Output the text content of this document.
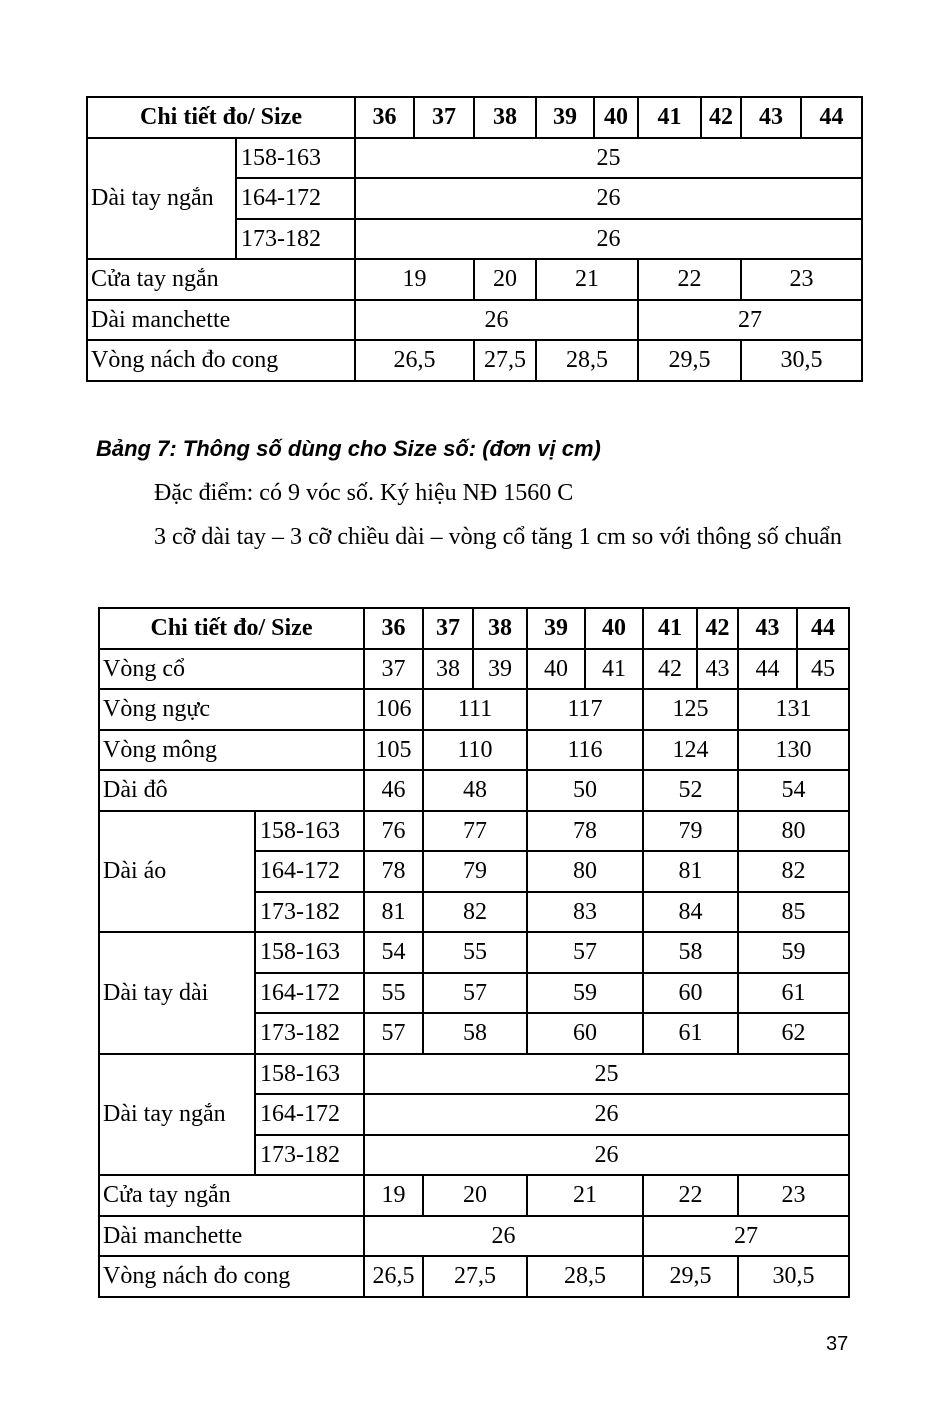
Chi tiết đo/ Size		36	37	38	39	40	41	42	43	44
Dài tay ngắn	158-163	25								
	164-172	26								
	173-182	26								
Cửa tay ngắn		19		20	21		22		23	
Dài manchette		26					27			
Vòng nách đo cong		26,5		27,5	28,5		29,5		30,5	
Bảng 7: Thông số dùng cho Size số: (đơn vị cm)
Đặc điểm: có 9 vóc số. Ký hiệu NĐ 1560 C
3 cỡ dài tay – 3 cỡ chiều dài – vòng cổ tăng 1 cm so với thông số chuẩn
Chi tiết đo/ Size		36	37	38	39	40	41	42	43	44
Vòng cổ		37	38	39	40	41	42	43	44	45
Vòng ngực		106	111		117		125		131	
Vòng mông		105	110		116		124		130	
Dài đô		46	48		50		52		54	
Dài áo	158-163	76	77		78		79		80	
	164-172	78	79		80		81		82	
	173-182	81	82		83		84		85	
Dài tay dài	158-163	54	55		57		58		59	
	164-172	55	57		59		60		61	
	173-182	57	58		60		61		62	
Dài tay ngắn	158-163	25								
	164-172	26								
	173-182	26								
Cửa tay ngắn		19	20		21		22		23	
Dài manchette		26					27			
Vòng nách đo cong		26,5	27,5		28,5		29,5		30,5	
37
